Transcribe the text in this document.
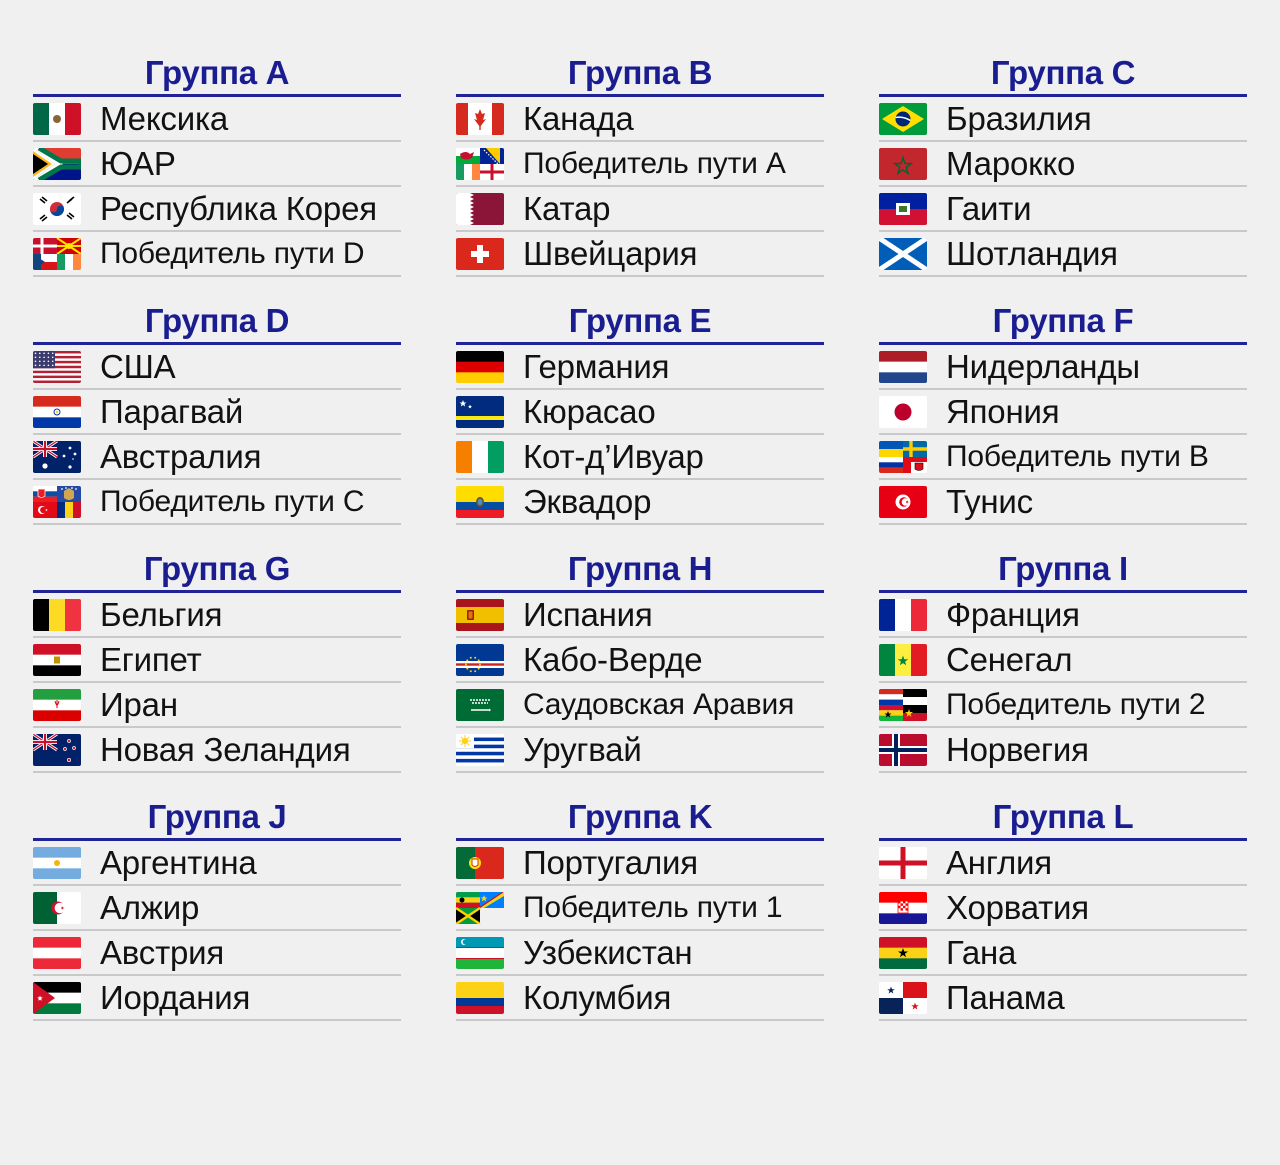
Группа A
Мексика
ЮАР
Республика Корея
Победитель пути D
Группа B
Канада
Победитель пути A
Катар
Швейцария
Группа C
Бразилия
Марокко
Гаити
Шотландия
Группа D
США
Парагвай
Австралия
Победитель пути C
Группа E
Германия
Кюрасао
Кот-д’Ивуар
Эквадор
Группа F
Нидерланды
Япония
Победитель пути B
Тунис
Группа G
Бельгия
Египет
Иран
Новая Зеландия
Группа H
Испания
Кабо-Верде
Саудовская Аравия
Уругвай
Группа I
Франция
Сенегал
Победитель пути 2
Норвегия
Группа J
Аргентина
Алжир
Австрия
Иордания
Группа K
Португалия
Победитель пути 1
Узбекистан
Колумбия
Группа L
Англия
Хорватия
Гана
Панама
